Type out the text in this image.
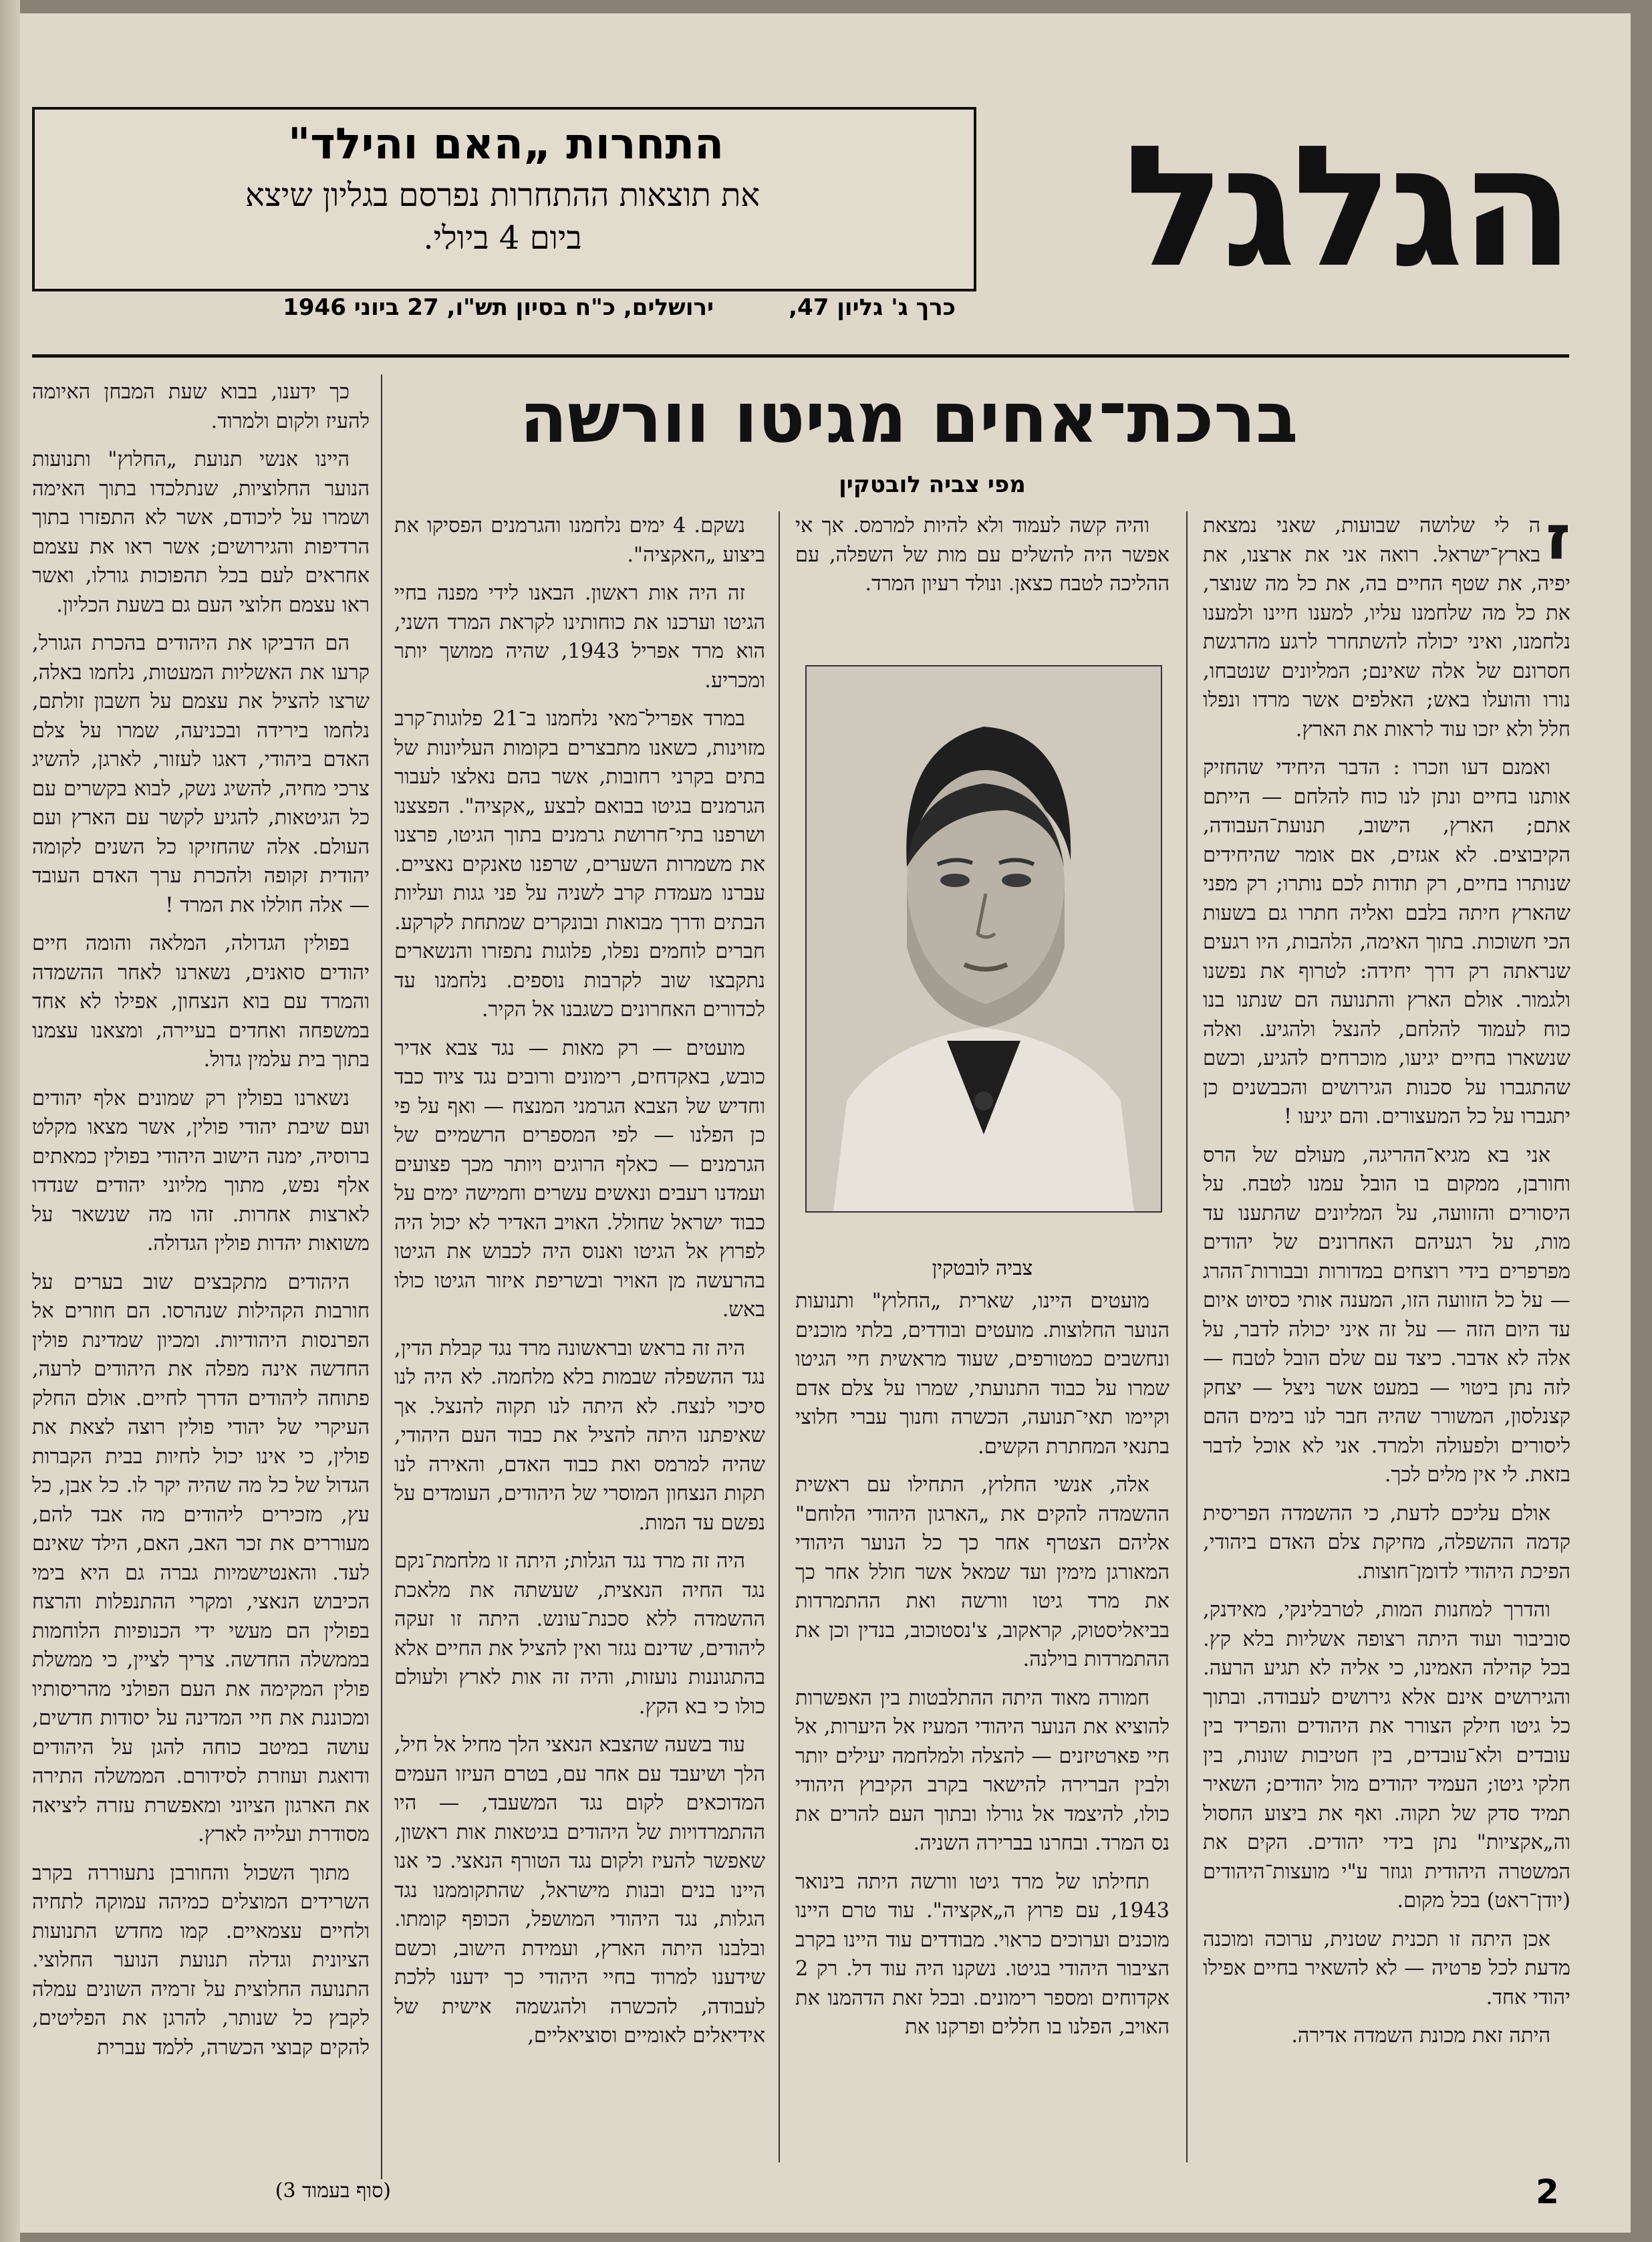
התחרות „האם והילד"
את תוצאות ההתחרות נפרסם בגליון שיצא
ביום 4 ביולי.	הגלגל
ירושלים, כ"ח בסיון תש"ו, 27 ביוני 1946	כרך ג' גליון 47,
ברכת־אחים מגיטו וורשה
מפי צביה לובטקין

ז
ה לי שלושה שבועות, שאני נמצאת בארץ־ישראל. רואה אני את ארצנו, את יפיה, את שטף החיים בה, את כל מה שנוצר, את כל מה שלחמנו עליו, למענו חיינו ולמענו נלחמנו, ואיני יכולה להשתחרר לרגע מהרגשת חסרונם של אלה שאינם; המליונים שנטבחו, נורו והועלו באש; האלפים אשר מרדו ונפלו חלל ולא יזכו עוד לראות את הארץ.

ואמנם דעו וזכרו : הדבר היחידי שהחזיק אותנו בחיים ונתן לנו כוח להלחם — הייתם אתם; הארץ, הישוב, תנועת־העבודה, הקיבוצים. לא אגזים, אם אומר שהיחידים שנותרו בחיים, רק תודות לכם נותרו; רק מפני שהארץ חיתה בלבם ואליה חתרו גם בשעות הכי חשוכות. בתוך האימה, הלהבות, היו רגעים שנראתה רק דרך יחידה: לטרוף את נפשנו ולגמור. אולם הארץ והתנועה הם שנתנו בנו כוח לעמוד להלחם, להנצל ולהגיע. ואלה שנשארו בחיים יגיעו, מוכרחים להגיע, וכשם שהתגברו על סכנות הגירושים והכבשנים כן יתגברו על כל המעצורים. והם יגיעו !

אני בא מגיא־ההריגה, מעולם של הרס וחורבן, ממקום בו הובל עמנו לטבח. על היסורים והזוועה, על המליונים שהתענו עד מות, על רגעיהם האחרונים של יהודים מפרפרים בידי רוצחים במדורות ובבורות־ההרג — על כל הזוועה הזו, המענה אותי כסיוט איום עד היום הזה — על זה איני יכולה לדבר, על אלה לא אדבר. כיצד עם שלם הובל לטבח — לזה נתן ביטוי — במעט אשר ניצל — יצחק קצנלסון, המשורר שהיה חבר לנו בימים ההם ליסורים ולפעולה ולמרד. אני לא אוכל לדבר בזאת. לי אין מלים לכך.

אולם עליכם לדעת, כי ההשמדה הפריסית קדמה ההשפלה, מחיקת צלם האדם ביהודי, הפיכת היהודי לדומן־חוצות.

והדרך למחנות המות, לטרבלינקי, מאידנק, סוביבור ועוד היתה רצופה אשליות בלא קץ. בכל קהילה האמינו, כי אליה לא תגיע הרעה. והגירושים אינם אלא גירושים לעבודה. ובתוך כל גיטו חילק הצורר את היהודים והפריד בין עובדים ולא־עובדים, בין חטיבות שונות, בין חלקי גיטו; העמיד יהודים מול יהודים; השאיר תמיד סדק של תקוה. ואף את ביצוע החסול וה„אקציות" נתן בידי יהודים. הקים את המשטרה היהודית וגוזר ע"י מועצות־היהודים (יודן־ראט) בכל מקום.

אכן היתה זו תכנית שטנית, ערוכה ומוכנה מדעת לכל פרטיה — לא להשאיר בחיים אפילו יהודי אחד.

היתה זאת מכונת השמדה אדירה.

והיה קשה לעמוד ולא להיות למרמס. אך אי אפשר היה להשלים עם מות של השפלה, עם ההליכה לטבח כצאן. ונולד רעיון המרד.

צביה לובטקין

מועטים היינו, שארית „החלוץ" ותנועות הנוער החלוצות. מועטים ובודדים, בלתי מוכנים ונחשבים כמטורפים, שעוד מראשית חיי הגיטו שמרו על כבוד התנועתי, שמרו על צלם אדם וקיימו תאי־תנועה, הכשרה וחנוך עברי חלוצי בתנאי המחתרת הקשים.

אלה, אנשי החלוץ, התחילו עם ראשית ההשמדה להקים את „הארגון היהודי הלוחם" אליהם הצטרף אחר כך כל הנוער היהודי המאורגן מימין ועד שמאל אשר חולל אחר כך את מרד גיטו וורשה ואת ההתמרדות בביאליסטוק, קראקוב, צ'נסטוכוב, בנדין וכן את ההתמרדות בוילנה.

חמורה מאוד היתה ההתלבטות בין האפשרות להוציא את הנוער היהודי המעיז אל היערות, אל חיי פארטיזנים — להצלה ולמלחמה יעילים יותר ולבין הברירה להישאר בקרב הקיבוץ היהודי כולו, להיצמד אל גורלו ובתוך העם להרים את נס המרד. ובחרנו בברירה השניה.

תחילתו של מרד גיטו וורשה היתה בינואר 1943, עם פרוץ ה„אקציה". עוד טרם היינו מוכנים וערוכים כראוי. מבודדים עוד היינו בקרב הציבור היהודי בגיטו. נשקנו היה עוד דל. רק 2 אקדוחים ומספר רימונים. ובכל זאת הדהמנו את האויב, הפלנו בו חללים ופרקנו את

נשקם. 4 ימים נלחמנו והגרמנים הפסיקו את ביצוע „האקציה".

זה היה אות ראשון. הבאנו לידי מפנה בחיי הגיטו וערכנו את כוחותינו לקראת המרד השני, הוא מרד אפריל 1943, שהיה ממושך יותר ומכריע.

במרד אפריל־מאי נלחמנו ב־21 פלוגות־קרב מזוינות, כשאנו מתבצרים בקומות העליונות של בתים בקרני רחובות, אשר בהם נאלצו לעבור הגרמנים בגיטו בבואם לבצע „אקציה". הפצצנו ושרפנו בתי־חרושת גרמנים בתוך הגיטו, פרצנו את משמרות השערים, שרפנו טאנקים נאציים. עברנו מעמדת קרב לשניה על פני גגות ועליות הבתים ודרך מבואות ובונקרים שמתחת לקרקע. חברים לוחמים נפלו, פלוגות נתפזרו והנשארים נתקבצו שוב לקרבות נוספים. נלחמנו עד לכדורים האחרונים כשגבנו אל הקיר.

מועטים — רק מאות — נגד צבא אדיר כובש, באקדחים, רימונים ורובים נגד ציוד כבד וחדיש של הצבא הגרמני המנצח — ואף על פי כן הפלנו — לפי המספרים הרשמיים של הגרמנים — כאלף הרוגים ויותר מכך פצועים ועמדנו רעבים ונאשים עשרים וחמישה ימים על כבוד ישראל שחולל. האויב האדיר לא יכול היה לפרוץ אל הגיטו ואנוס היה לכבוש את הגיטו בהרעשה מן האויר ובשריפת איזור הגיטו כולו באש.

היה זה בראש ובראשונה מרד נגד קבלת הדין, נגד ההשפלה שבמות בלא מלחמה. לא היה לנו סיכוי לנצח. לא היתה לנו תקוה להנצל. אך שאיפתנו היתה להציל את כבוד העם היהודי, שהיה למרמס ואת כבוד האדם, והאירה לנו תקות הנצחון המוסרי של היהודים, העומדים על נפשם עד המות.

היה זה מרד נגד הגלות; היתה זו מלחמת־נקם נגד החיה הנאצית, שעשתה את מלאכת ההשמדה ללא סכנת־עונש. היתה זו זעקה ליהודים, שדינם נגזר ואין להציל את החיים אלא בהתגוננות נועזות, והיה זה אות לארץ ולעולם כולו כי בא הקץ.

עוד בשעה שהצבא הנאצי הלך מחיל אל חיל, הלך ושיעבד עם אחר עם, בטרם העיזו העמים המדוכאים לקום נגד המשעבד, — היו ההתמרדויות של היהודים בגיטאות אות ראשון, שאפשר להעיז ולקום נגד הטורף הנאצי. כי אנו היינו בנים ובנות מישראל, שהתקוממנו נגד הגלות, נגד היהודי המושפל, הכופף קומתו. ובלבנו היתה הארץ, ועמידת הישוב, וכשם שידענו למרוד בחיי היהודי כך ידענו ללכת לעבודה, להכשרה ולהגשמה אישית של אידיאלים לאומיים וסוציאליים,

כך ידענו, בבוא שעת המבחן האיומה להעיז ולקום ולמרוד.

היינו אנשי תנועת „החלוץ" ותנועות הנוער החלוציות, שנתלכדו בתוך האימה ושמרו על ליכודם, אשר לא התפזרו בתוך הרדיפות והגירושים; אשר ראו את עצמם אחראים לעם בכל תהפוכות גורלו, ואשר ראו עצמם חלוצי העם גם בשעת הכליון.

הם הדביקו את היהודים בהכרת הגורל, קרעו את האשליות המעטות, נלחמו באלה, שרצו להציל את עצמם על חשבון זולתם, נלחמו בירידה ובכניעה, שמרו על צלם האדם ביהודי, דאגו לעזור, לארגן, להשיג צרכי מחיה, להשיג נשק, לבוא בקשרים עם כל הגיטאות, להגיע לקשר עם הארץ ועם העולם. אלה שהחזיקו כל השנים לקומה יהודית זקופה ולהכרת ערך האדם העובד — אלה חוללו את המרד !

בפולין הגדולה, המלאה והומה חיים יהודים סואנים, נשארנו לאחר ההשמדה והמרד עם בוא הנצחון, אפילו לא אחד במשפחה ואחדים בעיירה, ומצאנו עצמנו בתוך בית עלמין גדול.

נשארנו בפולין רק שמונים אלף יהודים ועם שיבת יהודי פולין, אשר מצאו מקלט ברוסיה, ימנה הישוב היהודי בפולין כמאתים אלף נפש, מתוך מליוני יהודים שנדדו לארצות אחרות. זהו מה שנשאר על משואות יהדות פולין הגדולה.

היהודים מתקבצים שוב בערים על חורבות הקהילות שנהרסו. הם חוזרים אל הפרנסות היהודיות. ומכיון שמדינת פולין החדשה אינה מפלה את היהודים לרעה, פתוחה ליהודים הדרך לחיים. אולם החלק העיקרי של יהודי פולין רוצה לצאת את פולין, כי אינו יכול לחיות בבית הקברות הגדול של כל מה שהיה יקר לו. כל אבן, כל עץ, מזכירים ליהודים מה אבד להם, מעוררים את זכר האב, האם, הילד שאינם לעד. והאנטישמיות גברה גם היא בימי הכיבוש הנאצי, ומקרי ההתנפלות והרצח בפולין הם מעשי ידי הכנופיות הלוחמות בממשלה החדשה. צריך לציין, כי ממשלת פולין המקימה את העם הפולני מהריסותיו ומכוננת את חיי המדינה על יסודות חדשים, עושה במיטב כוחה להגן על היהודים ודואגת ועוזרת לסידורם. הממשלה התירה את הארגון הציוני ומאפשרת עזרה ליציאה מסודרת ועלייה לארץ.

מתוך השכול והחורבן נתעוררה בקרב השרידים המוצלים כמיהה עמוקה לתחיה ולחיים עצמאיים. קמו מחדש התנועות הציונית וגדלה תנועת הנוער החלוצי. התנועה החלוצית על זרמיה השונים עמלה לקבץ כל שנותר, להרגן את הפליטים, להקים קבוצי הכשרה, ללמד עברית

(סוף בעמוד 3)	2
